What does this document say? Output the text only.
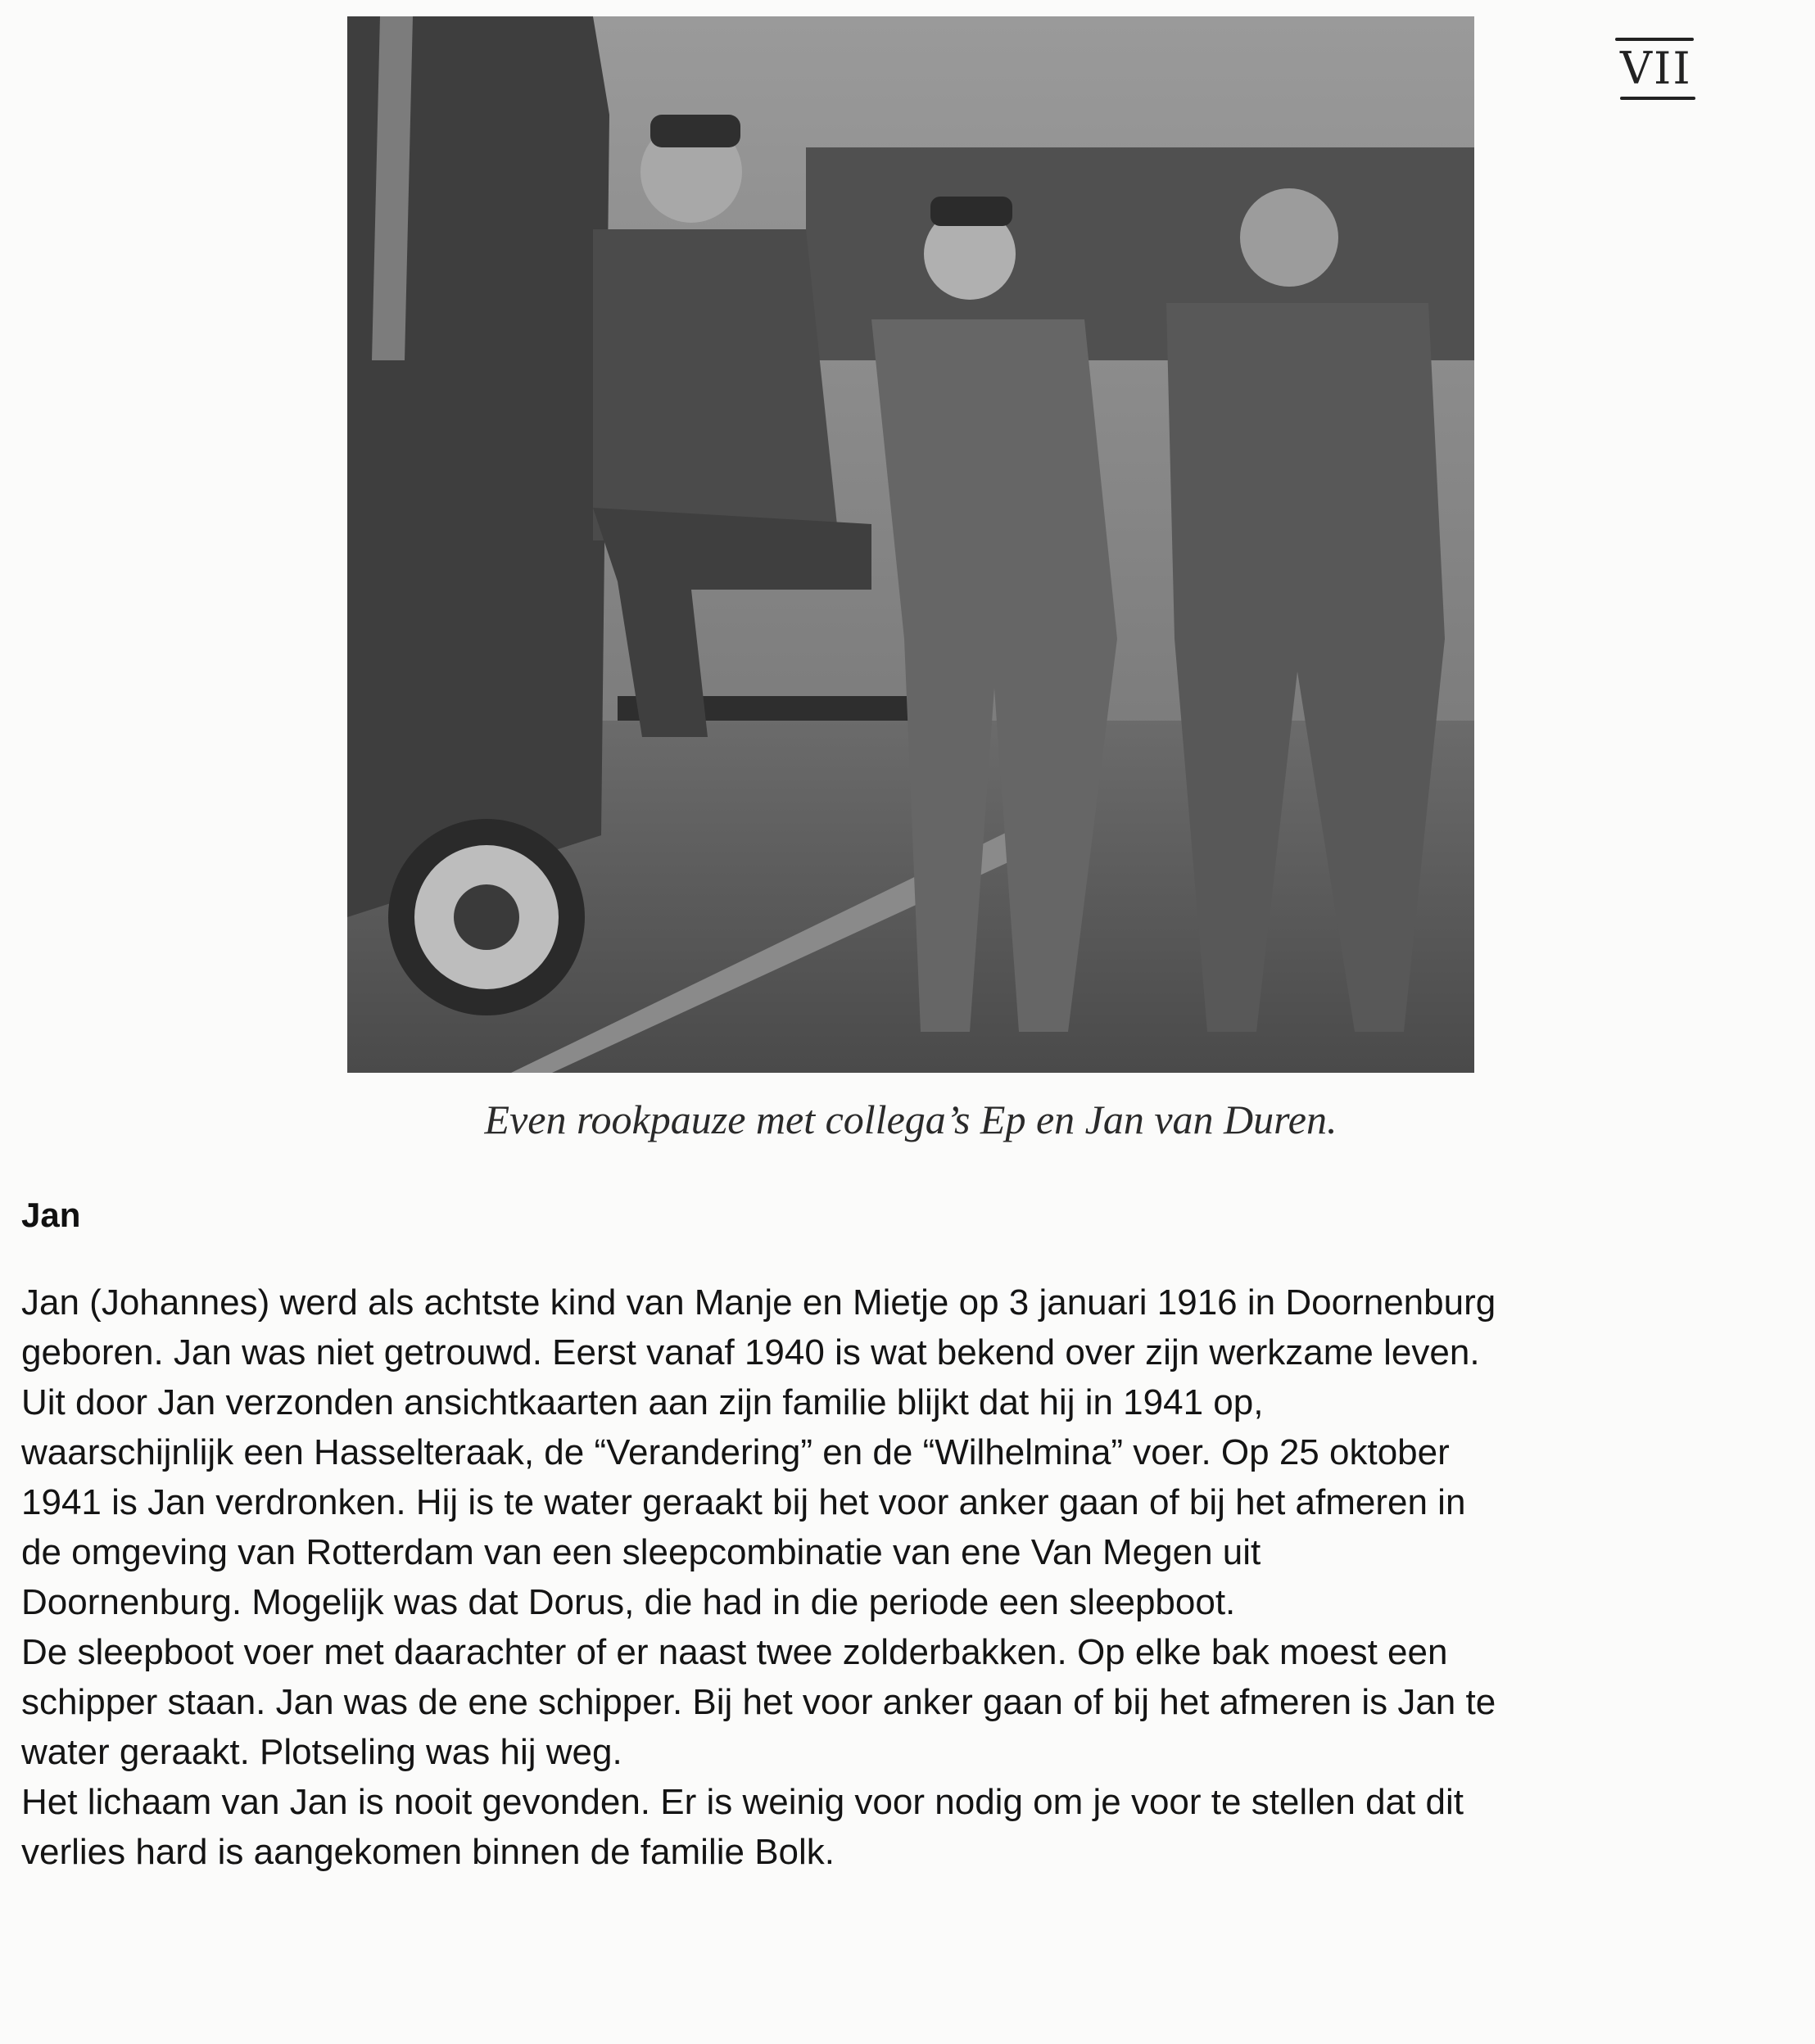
VII
Even rookpauze met collega’s Ep en Jan van Duren.
Jan
Jan (Johannes) werd als achtste kind van Manje en Mietje op 3 januari 1916 in Doornenburg
geboren. Jan was niet getrouwd. Eerst vanaf 1940 is wat bekend over zijn werkzame leven.
Uit door Jan verzonden ansichtkaarten aan zijn familie blijkt dat hij in 1941 op,
waarschijnlijk een Hasselteraak, de “Verandering” en de “Wilhelmina” voer. Op 25 oktober
1941 is Jan verdronken. Hij is te water geraakt bij het voor anker gaan of bij het afmeren in
de omgeving van Rotterdam van een sleepcombinatie van ene Van Megen uit
Doornenburg. Mogelijk was dat Dorus, die had in die periode een sleepboot.
De sleepboot voer met daarachter of er naast twee zolderbakken. Op elke bak moest een
schipper staan. Jan was de ene schipper. Bij het voor anker gaan of bij het afmeren is Jan te
water geraakt. Plotseling was hij weg.
Het lichaam van Jan is nooit gevonden. Er is weinig voor nodig om je voor te stellen dat dit
verlies hard is aangekomen binnen de familie Bolk.
